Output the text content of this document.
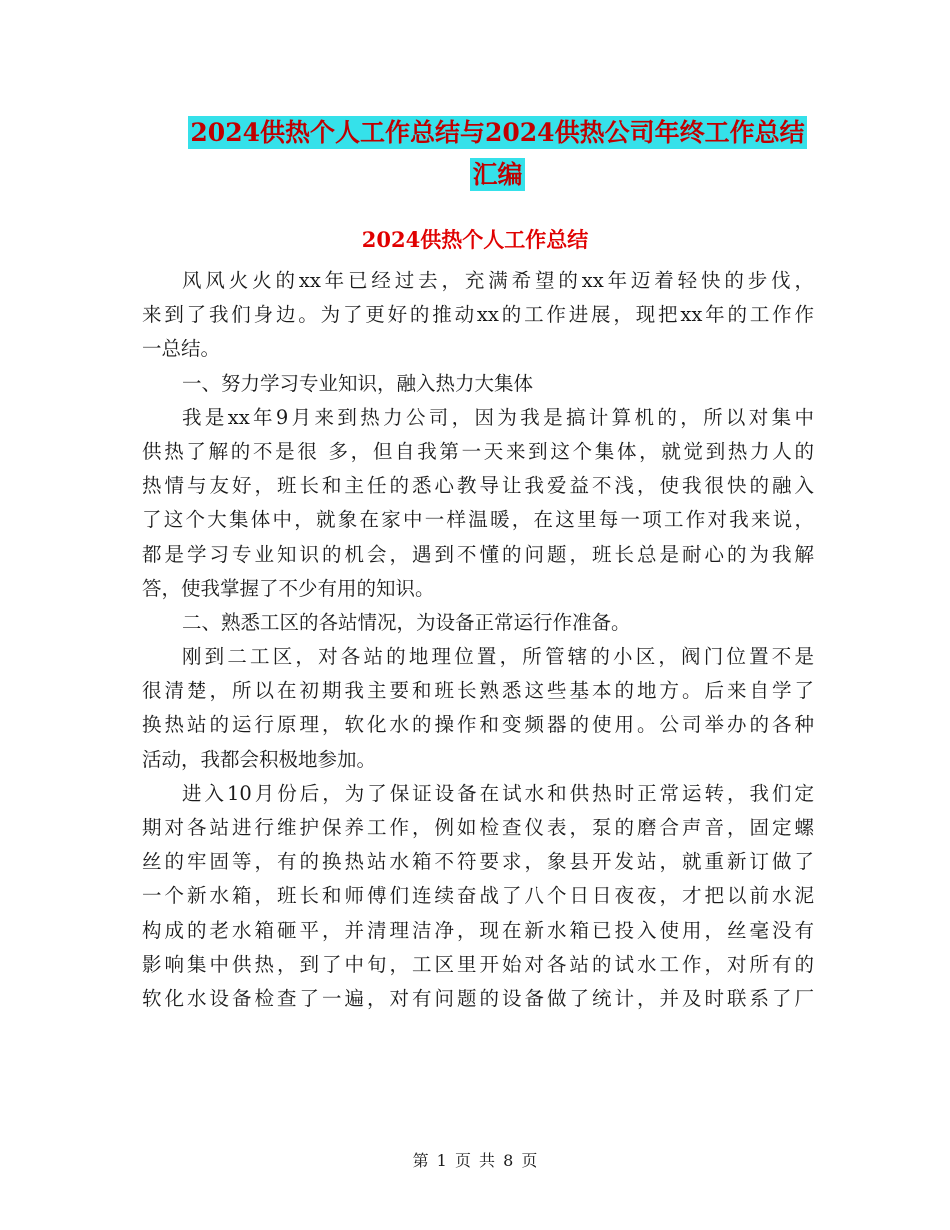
2024供热个人工作总结与2024供热公司年终工作总结
汇编
2024供热个人工作总结
风风火火的xx年已经过去，充满希望的xx年迈着轻快的步伐，
来到了我们身边。为了更好的推动xx的工作进展，现把xx年的工作作
一总结。
一、努力学习专业知识，融入热力大集体
我是xx年9月来到热力公司，因为我是搞计算机的，所以对集中
供热了解的不是很 多，但自我第一天来到这个集体，就觉到热力人的
热情与友好，班长和主任的悉心教导让我爱益不浅，使我很快的融入
了这个大集体中，就象在家中一样温暖，在这里每一项工作对我来说，
都是学习专业知识的机会，遇到不懂的问题，班长总是耐心的为我解
答，使我掌握了不少有用的知识。
二、熟悉工区的各站情况，为设备正常运行作准备。
刚到二工区，对各站的地理位置，所管辖的小区，阀门位置不是
很清楚，所以在初期我主要和班长熟悉这些基本的地方。后来自学了
换热站的运行原理，软化水的操作和变频器的使用。公司举办的各种
活动，我都会积极地参加。
进入10月份后，为了保证设备在试水和供热时正常运转，我们定
期对各站进行维护保养工作，例如检查仪表，泵的磨合声音，固定螺
丝的牢固等，有的换热站水箱不符要求，象县开发站，就重新订做了
一个新水箱，班长和师傅们连续奋战了八个日日夜夜，才把以前水泥
构成的老水箱砸平，并清理洁净，现在新水箱已投入使用，丝毫没有
影响集中供热，到了中旬，工区里开始对各站的试水工作，对所有的
软化水设备检查了一遍，对有问题的设备做了统计，并及时联系了厂
第 1 页 共 8 页
